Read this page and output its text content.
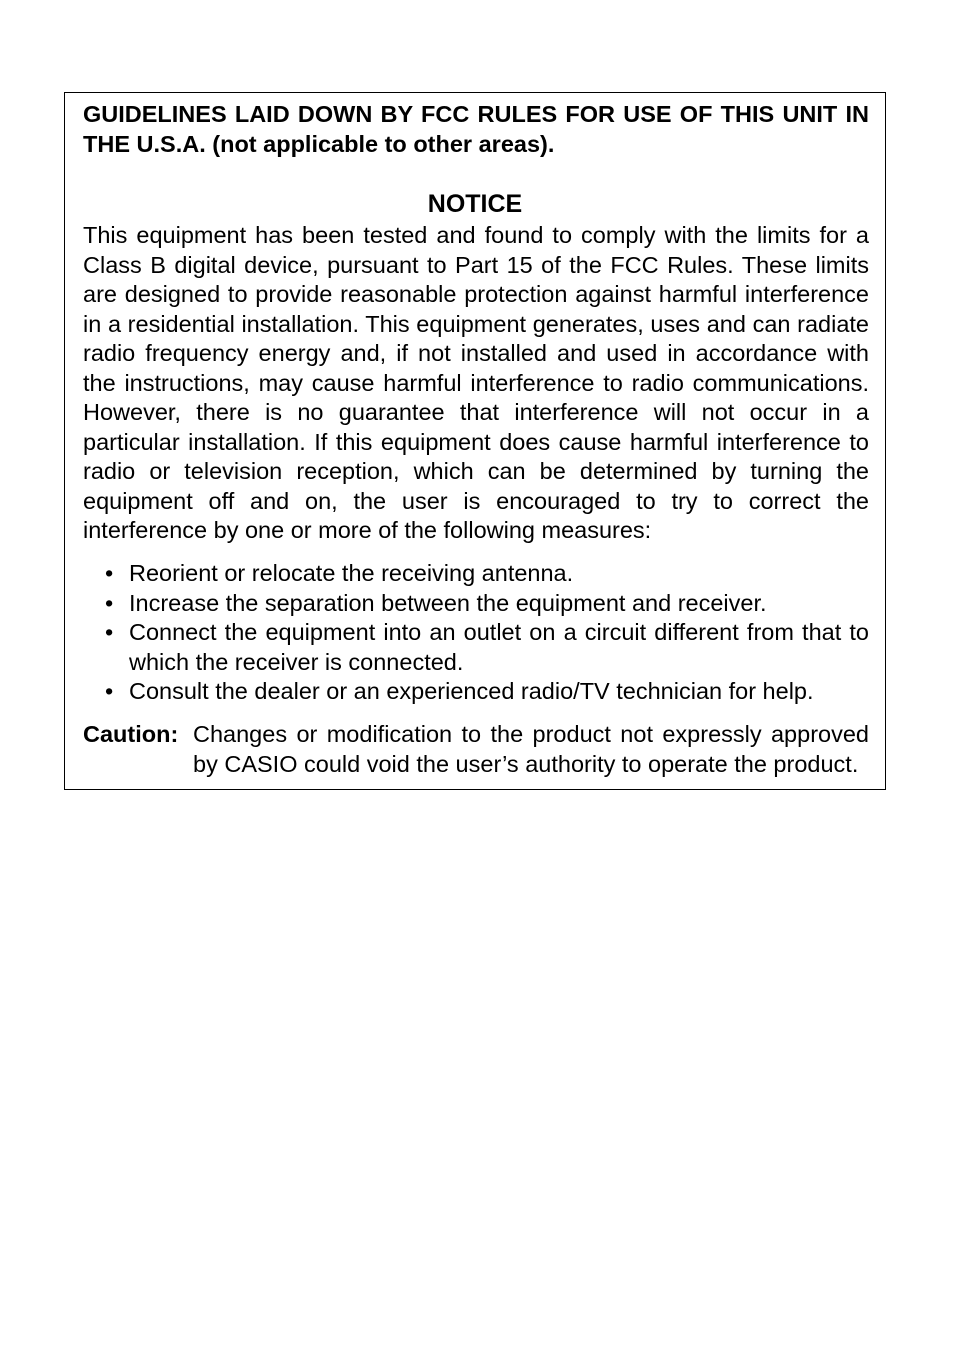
GUIDELINES LAID DOWN BY FCC RULES FOR USE OF THIS UNIT IN THE U.S.A. (not applicable to other areas).
NOTICE
This equipment has been tested and found to comply with the limits for a Class B digital device, pursuant to Part 15 of the FCC Rules. These limits are designed to provide reasonable protection against harmful interference in a residential installation. This equipment generates, uses and can radiate radio frequency energy and, if not installed and used in accordance with the instructions, may cause harmful interference to radio communications. However, there is no guarantee that interference will not occur in a particular installation. If this equipment does cause harmful interference to radio or television reception, which can be determined by turning the equipment off and on, the user is encouraged to try to correct the interference by one or more of the following measures:
• Reorient or relocate the receiving antenna.
• Increase the separation between the equipment and receiver.
• Connect the equipment into an outlet on a circuit different from that to which the receiver is connected.
• Consult the dealer or an experienced radio/TV technician for help.
Caution: Changes or modification to the product not expressly approved by CASIO could void the user’s authority to operate the product.
